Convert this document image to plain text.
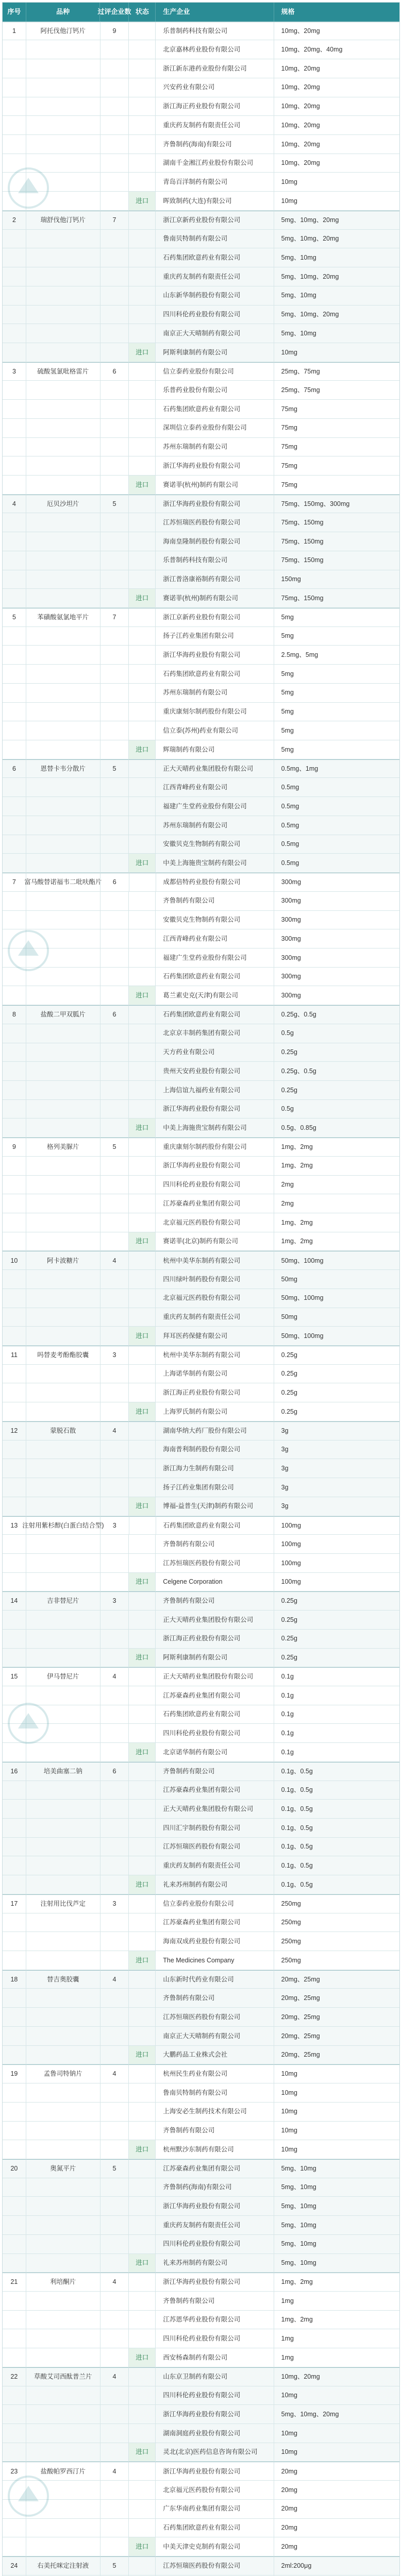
序号	品种	过评企业数 状态	生产企业	规格
1	阿托伐他汀钙片	9	乐普制药科技有限公司	10mg、20mg
北京嘉林药业股份有限公司	10mg、20mg、40mg
浙江新东港药业股份有限公司	10mg、20mg
兴安药业有限公司	10mg、20mg
浙江海正药业股份有限公司	10mg、20mg
重庆药友制药有限责任公司	10mg、20mg
齐鲁制药(海南)有限公司	10mg、20mg
湖南千金湘江药业股份有限公司	10mg、20mg
青岛百洋制药有限公司	10mg
进口	晖致制药(大连)有限公司	10mg
2	瑞舒伐他汀钙片	7	浙江京新药业股份有限公司	5mg、10mg、20mg
鲁南贝特制药有限公司	5mg、10mg、20mg
石药集团欧意药业有限公司	5mg、10mg
重庆药友制药有限责任公司	5mg、10mg、20mg
山东新华制药股份有限公司	5mg、10mg
四川科伦药业股份有限公司	5mg、10mg、20mg
南京正大天晴制药有限公司	5mg、10mg
进口	阿斯利康制药有限公司	10mg
3	硫酸氢氯吡格雷片	6	信立泰药业股份有限公司	25mg、75mg
乐普药业股份有限公司	25mg、75mg
石药集团欧意药业有限公司	75mg
深圳信立泰药业股份有限公司	75mg
苏州东瑞制药有限公司	75mg
浙江华海药业股份有限公司	75mg
进口	赛诺菲(杭州)制药有限公司	75mg
4	厄贝沙坦片	5	浙江华海药业股份有限公司	75mg、150mg、300mg
江苏恒瑞医药股份有限公司	75mg、150mg
海南皇隆制药股份有限公司	75mg、150mg
乐普制药科技有限公司	75mg、150mg
浙江普洛康裕制药有限公司	150mg
进口	赛诺菲(杭州)制药有限公司	75mg、150mg
5	苯磺酸氨氯地平片	7	浙江京新药业股份有限公司	5mg
扬子江药业集团有限公司	5mg
浙江华海药业股份有限公司	2.5mg、5mg
石药集团欧意药业有限公司	5mg
苏州东瑞制药有限公司	5mg
重庆康刻尔制药股份有限公司	5mg
信立泰(苏州)药业有限公司	5mg
进口	辉瑞制药有限公司	5mg
6	恩替卡韦分散片	5	正大天晴药业集团股份有限公司	0.5mg、1mg
江西青峰药业有限公司	0.5mg
福建广生堂药业股份有限公司	0.5mg
苏州东瑞制药有限公司	0.5mg
安徽贝克生物制药有限公司	0.5mg
进口	中美上海施贵宝制药有限公司	0.5mg
7	富马酸替诺福韦二吡呋酯片	6	成都倍特药业股份有限公司	300mg
齐鲁制药有限公司	300mg
安徽贝克生物制药有限公司	300mg
江西青峰药业有限公司	300mg
福建广生堂药业股份有限公司	300mg
石药集团欧意药业有限公司	300mg
进口	葛兰素史克(天津)有限公司	300mg
8	盐酸二甲双胍片	6	石药集团欧意药业有限公司	0.25g、0.5g
北京京丰制药集团有限公司	0.5g
天方药业有限公司	0.25g
贵州天安药业股份有限公司	0.25g、0.5g
上海信谊九福药业有限公司	0.25g
浙江华海药业股份有限公司	0.5g
进口	中美上海施贵宝制药有限公司	0.5g、0.85g
9	格列美脲片	5	重庆康刻尔制药股份有限公司	1mg、2mg
浙江华海药业股份有限公司	1mg、2mg
四川科伦药业股份有限公司	2mg
江苏豪森药业集团有限公司	2mg
北京福元医药股份有限公司	1mg、2mg
进口	赛诺菲(北京)制药有限公司	1mg、2mg
10	阿卡波糖片	4	杭州中美华东制药有限公司	50mg、100mg
四川绿叶制药股份有限公司	50mg
北京福元医药股份有限公司	50mg、100mg
重庆药友制药有限责任公司	50mg
进口	拜耳医药保健有限公司	50mg、100mg
11	吗替麦考酚酯胶囊	3	杭州中美华东制药有限公司	0.25g
上海诺华制药有限公司	0.25g
浙江海正药业股份有限公司	0.25g
进口	上海罗氏制药有限公司	0.25g
12	蒙脱石散	4	湖南华纳大药厂股份有限公司	3g
海南普利制药股份有限公司	3g
浙江海力生制药有限公司	3g
扬子江药业集团有限公司	3g
进口	博福-益普生(天津)制药有限公司	3g
13 注射用紫杉醇(白蛋白结合型)	3	石药集团欧意药业有限公司	100mg
齐鲁制药有限公司	100mg
江苏恒瑞医药股份有限公司	100mg
进口	Celgene Corporation	100mg
14	吉非替尼片	3	齐鲁制药有限公司	0.25g
正大天晴药业集团股份有限公司	0.25g
浙江海正药业股份有限公司	0.25g
进口	阿斯利康制药有限公司	0.25g
15	伊马替尼片	4	正大天晴药业集团股份有限公司	0.1g
江苏豪森药业集团有限公司	0.1g
石药集团欧意药业有限公司	0.1g
四川科伦药业股份有限公司	0.1g
进口	北京诺华制药有限公司	0.1g
16	培美曲塞二钠	6	齐鲁制药有限公司	0.1g、0.5g
江苏豪森药业集团有限公司	0.1g、0.5g
正大天晴药业集团股份有限公司	0.1g、0.5g
四川汇宇制药股份有限公司	0.1g、0.5g
江苏恒瑞医药股份有限公司	0.1g、0.5g
重庆药友制药有限责任公司	0.1g、0.5g
进口	礼来苏州制药有限公司	0.1g、0.5g
17	注射用比伐芦定	3	信立泰药业股份有限公司	250mg
江苏豪森药业集团有限公司	250mg
海南双成药业股份有限公司	250mg
进口	The Medicines Company	250mg
18	替吉奥胶囊	4	山东新时代药业有限公司	20mg、25mg
齐鲁制药有限公司	20mg、25mg
江苏恒瑞医药股份有限公司	20mg、25mg
南京正大天晴制药有限公司	20mg、25mg
进口	大鹏药品工业株式会社	20mg、25mg
19	孟鲁司特钠片	4	杭州民生药业有限公司	10mg
鲁南贝特制药有限公司	10mg
上海安必生制药技术有限公司	10mg
齐鲁制药有限公司	10mg
进口	杭州默沙东制药有限公司	10mg
20	奥氮平片	5	江苏豪森药业集团有限公司	5mg、10mg
齐鲁制药(海南)有限公司	5mg、10mg
浙江华海药业股份有限公司	5mg、10mg
重庆药友制药有限责任公司	5mg、10mg
四川科伦药业股份有限公司	5mg、10mg
进口	礼来苏州制药有限公司	5mg、10mg
21	利培酮片	4	浙江华海药业股份有限公司	1mg、2mg
齐鲁制药有限公司	1mg
江苏恩华药业股份有限公司	1mg、2mg
四川科伦药业股份有限公司	1mg
进口	西安杨森制药有限公司	1mg
22	草酸艾司西酞普兰片	4	山东京卫制药有限公司	10mg、20mg
四川科伦药业股份有限公司	10mg
浙江华海药业股份有限公司	5mg、10mg、20mg
湖南洞庭药业股份有限公司	10mg
进口	灵北(北京)医药信息咨询有限公司	10mg
23	盐酸帕罗西汀片	4	浙江华海药业股份有限公司	20mg
北京福元医药股份有限公司	20mg
广东华南药业集团有限公司	20mg
石药集团欧意药业有限公司	20mg
进口	中美天津史克制药有限公司	20mg
24	右美托咪定注射液	5	江苏恒瑞医药股份有限公司	2ml:200μg
